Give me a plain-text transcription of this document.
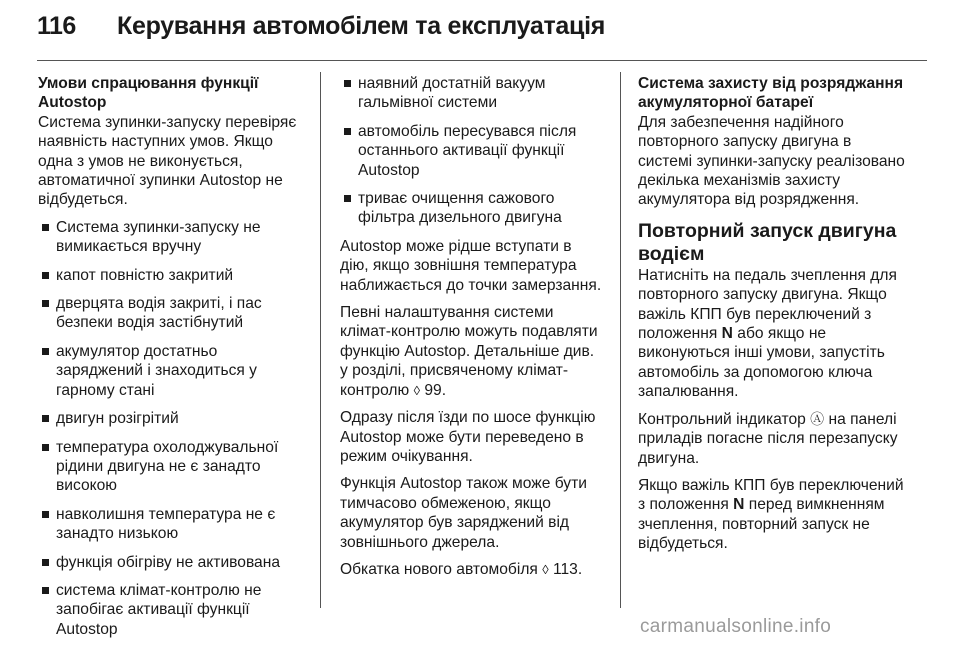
116 Керування автомобілем та експлуатація
Умови спрацювання функції
Autostop

Система зупинки-запуску перевіряє наявність наступних умов. Якщо одна з умов не виконується, автоматичної зупинки Autostop не відбудеться.

Система зупинки-запуску не вимикається вручну
капот повністю закритий
дверцята водія закриті, і пас безпеки водія застібнутий
акумулятор достатньо заряджений і знаходиться у гарному стані
двигун розігрітий
температура охолоджувальної рідини двигуна не є занадто високою
навколишня температура не є занадто низькою
функція обігріву не активована
система клімат-контролю не запобігає активації функції Autostop
наявний достатній вакуум гальмівної системи
автомобіль пересувався після останнього активації функції Autostop
триває очищення сажового фільтра дизельного двигуна

Autostop може рідше вступати в дію, якщо зовнішня температура наближається до точки замерзання.

Певні налаштування системи клімат-контролю можуть подавляти функцію Autostop. Детальніше див. у розділі, присвяченому клімат-контролю ◊ 99.

Одразу після їзди по шосе функцію Autostop може бути переведено в режим очікування.

Функція Autostop також може бути тимчасово обмеженою, якщо акумулятор був заряджений від зовнішнього джерела.

Обкатка нового автомобіля ◊ 113.

Система захисту від розряджання
акумуляторної батареї

Для забезпечення надійного повторного запуску двигуна в системі зупинки-запуску реалізовано декілька механізмів захисту акумулятора від розрядження.

Повторний запуск двигуна
водієм

Натисніть на педаль зчеплення для повторного запуску двигуна. Якщо важіль КПП був переключений з положення N або якщо не виконуються інші умови, запустіть автомобіль за допомогою ключа запалювання.

Контрольний індикатор Ⓐ на панелі приладів погасне після перезапуску двигуна.

Якщо важіль КПП був переключений з положення N перед вимкненням зчеплення, повторний запуск не відбудеться.

carmanualsonline.info
